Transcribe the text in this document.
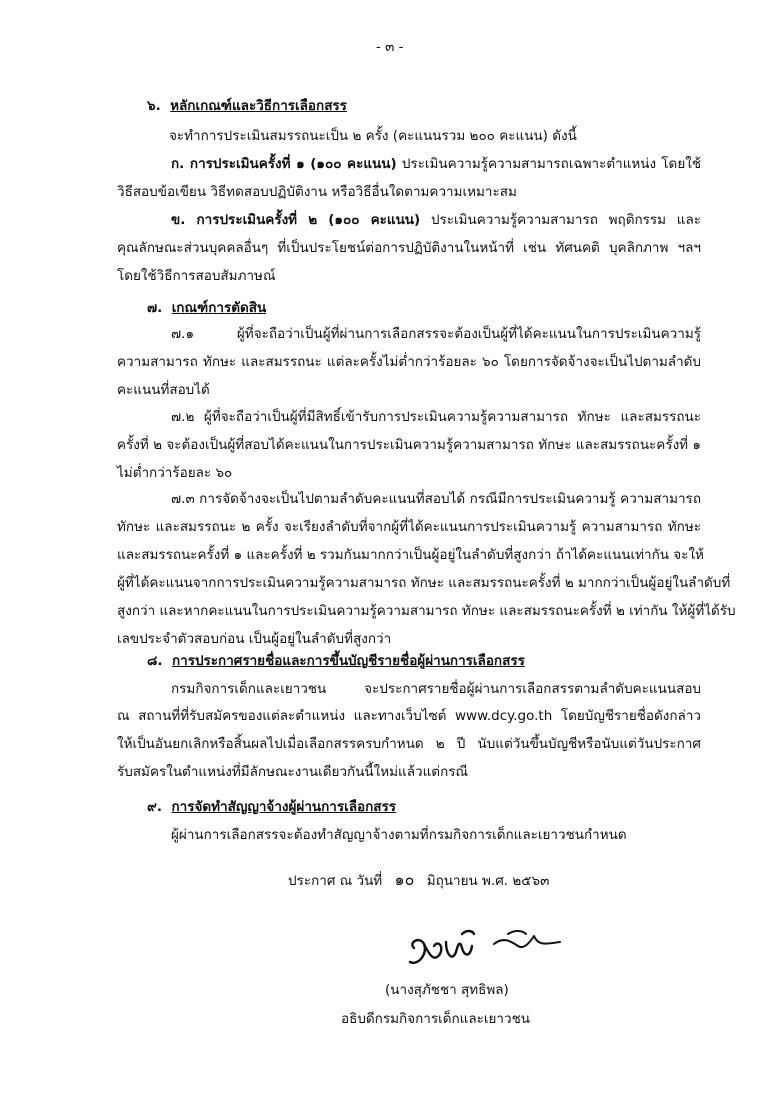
- ๓ -
๖. หลักเกณฑ์และวิธีการเลือกสรร
จะทำการประเมินสมรรถนะเป็น ๒ ครั้ง (คะแนนรวม ๒๐๐ คะแนน) ดังนี้
ก. การประเมินครั้งที่ ๑ (๑๐๐ คะแนน) ประเมินความรู้ความสามารถเฉพาะตำแหน่ง โดยใช้
วิธีสอบข้อเขียน วิธีทดสอบปฏิบัติงาน หรือวิธีอื่นใดตามความเหมาะสม
ข. การประเมินครั้งที่ ๒ (๑๐๐ คะแนน) ประเมินความรู้ความสามารถ พฤติกรรม และ
คุณลักษณะส่วนบุคคลอื่นๆ ที่เป็นประโยชน์ต่อการปฏิบัติงานในหน้าที่ เช่น ทัศนคติ บุคลิกภาพ ฯลฯ
โดยใช้วิธีการสอบสัมภาษณ์
๗. เกณฑ์การตัดสิน
๗.๑ ผู้ที่จะถือว่าเป็นผู้ที่ผ่านการเลือกสรรจะต้องเป็นผู้ที่ได้คะแนนในการประเมินความรู้
ความสามารถ ทักษะ และสมรรถนะ แต่ละครั้งไม่ต่ำกว่าร้อยละ ๖๐ โดยการจัดจ้างจะเป็นไปตามลำดับ
คะแนนที่สอบได้
๗.๒ ผู้ที่จะถือว่าเป็นผู้ที่มีสิทธิ์เข้ารับการประเมินความรู้ความสามารถ ทักษะ และสมรรถนะ
ครั้งที่ ๒ จะต้องเป็นผู้ที่สอบได้คะแนนในการประเมินความรู้ความสามารถ ทักษะ และสมรรถนะครั้งที่ ๑
ไม่ต่ำกว่าร้อยละ ๖๐
๗.๓ การจัดจ้างจะเป็นไปตามลำดับคะแนนที่สอบได้ กรณีมีการประเมินความรู้ ความสามารถ
ทักษะ และสมรรถนะ ๒ ครั้ง จะเรียงลำดับที่จากผู้ที่ได้คะแนนการประเมินความรู้ ความสามารถ ทักษะ
และสมรรถนะครั้งที่ ๑ และครั้งที่ ๒ รวมกันมากกว่าเป็นผู้อยู่ในลำดับที่สูงกว่า ถ้าได้คะแนนเท่ากัน จะให้
ผู้ที่ได้คะแนนจากการประเมินความรู้ความสามารถ ทักษะ และสมรรถนะครั้งที่ ๒ มากกว่าเป็นผู้อยู่ในลำดับที่
สูงกว่า และหากคะแนนในการประเมินความรู้ความสามารถ ทักษะ และสมรรถนะครั้งที่ ๒ เท่ากัน ให้ผู้ที่ได้รับ
เลขประจำตัวสอบก่อน เป็นผู้อยู่ในลำดับที่สูงกว่า
๘. การประกาศรายชื่อและการขึ้นบัญชีรายชื่อผู้ผ่านการเลือกสรร
กรมกิจการเด็กและเยาวชน จะประกาศรายชื่อผู้ผ่านการเลือกสรรตามลำดับคะแนนสอบ
ณ สถานที่ที่รับสมัครของแต่ละตำแหน่ง และทางเว็บไซต์ www.dcy.go.th โดยบัญชีรายชื่อดังกล่าว
ให้เป็นอันยกเลิกหรือสิ้นผลไปเมื่อเลือกสรรครบกำหนด ๒ ปี นับแต่วันขึ้นบัญชีหรือนับแต่วันประกาศ
รับสมัครในตำแหน่งที่มีลักษณะงานเดียวกันนี้ใหม่แล้วแต่กรณี
๙. การจัดทำสัญญาจ้างผู้ผ่านการเลือกสรร
ผู้ผ่านการเลือกสรรจะต้องทำสัญญาจ้างตามที่กรมกิจการเด็กและเยาวชนกำหนด
ประกาศ ณ วันที่ ๑๐ มิถุนายน พ.ศ. ๒๕๖๓
(นางสุภัชชา สุทธิพล)
อธิบดีกรมกิจการเด็กและเยาวชน
